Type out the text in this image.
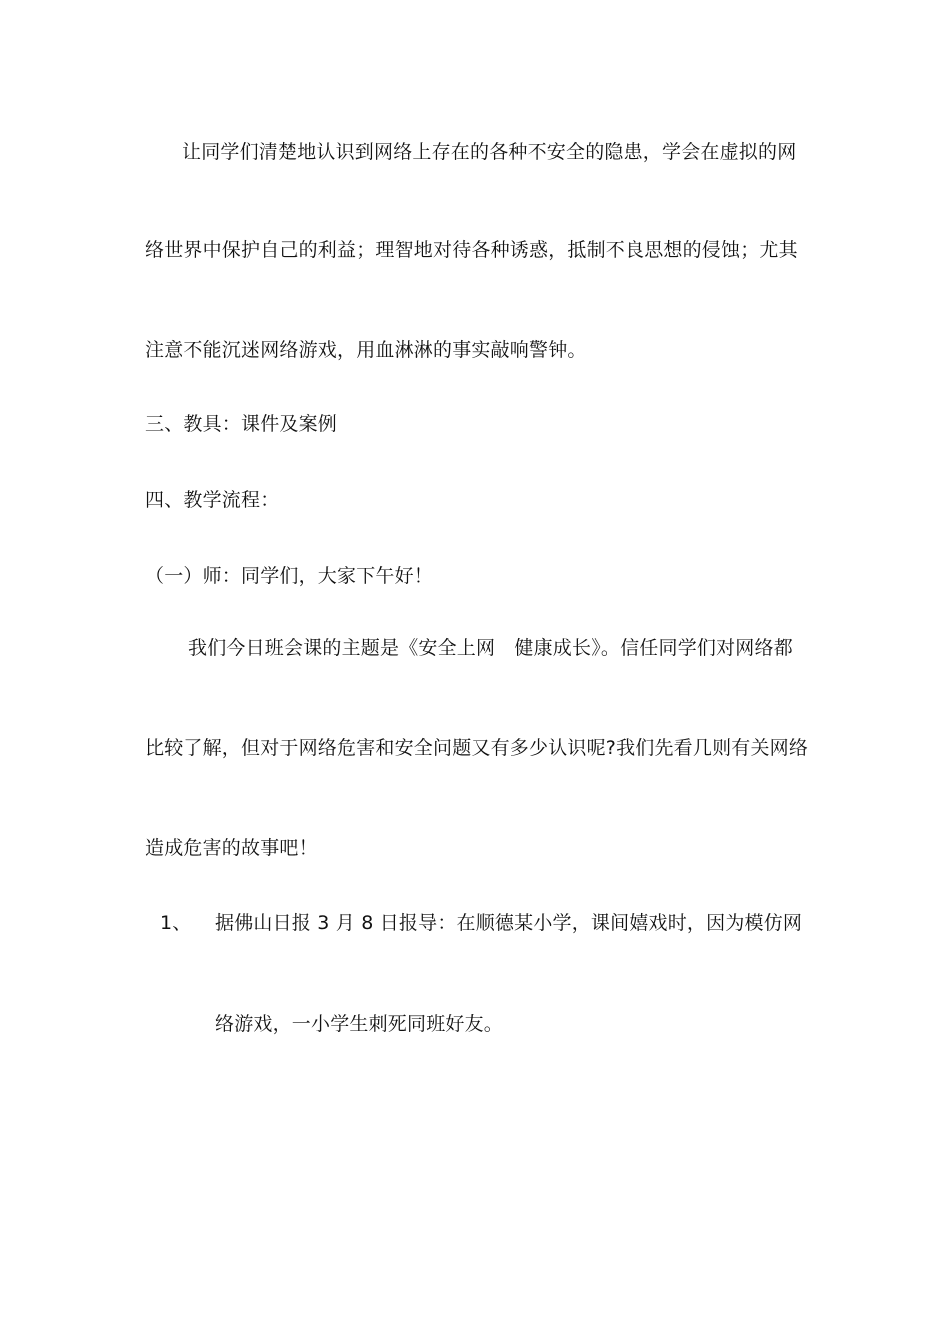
让同学们清楚地认识到网络上存在的各种不安全的隐患，学会在虚拟的网
络世界中保护自己的利益；理智地对待各种诱惑，抵制不良思想的侵蚀；尤其
注意不能沉迷网络游戏，用血淋淋的事实敲响警钟。
三、教具：课件及案例
四、教学流程：
（一）师：同学们，大家下午好！
我们今日班会课的主题是《安全上网　健康成长》。信任同学们对网络都
比较了解，但对于网络危害和安全问题又有多少认识呢?我们先看几则有关网络
造成危害的故事吧！
1、 据佛山日报 3 月 8 日报导：在顺德某小学，课间嬉戏时，因为模仿网
络游戏，一小学生刺死同班好友。
